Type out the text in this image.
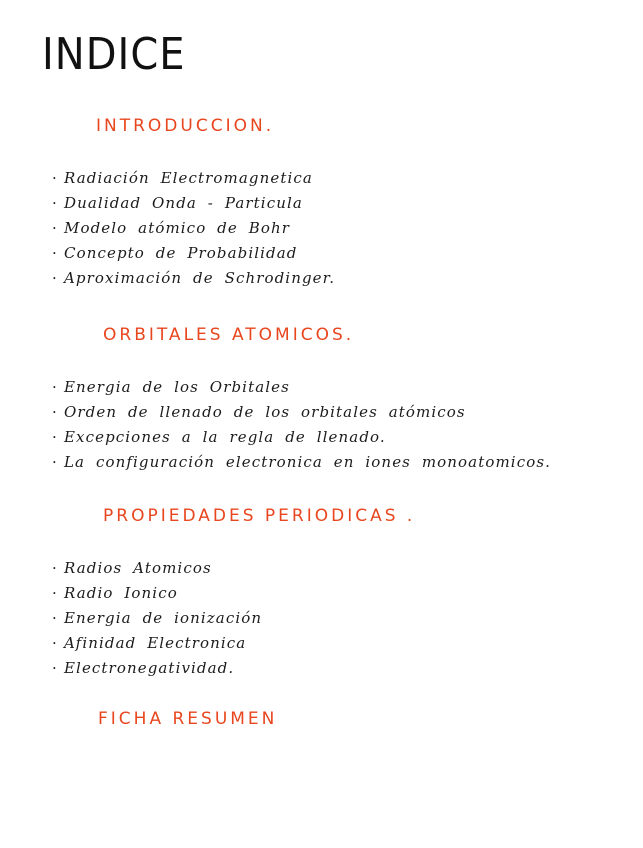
INDICE
INTRODUCCION.
· Radiación Electromagnetica
· Dualidad Onda - Particula
· Modelo atómico de Bohr
· Concepto de Probabilidad
· Aproximación de Schrodinger.
ORBITALES ATOMICOS.
· Energia de los Orbitales
· Orden de llenado de los orbitales atómicos
· Excepciones a la regla de llenado.
· La configuración electronica en iones monoatomicos.
PROPIEDADES PERIODICAS .
· Radios Atomicos
· Radio Ionico
· Energia de ionización
· Afinidad Electronica
· Electronegatividad.
FICHA RESUMEN
